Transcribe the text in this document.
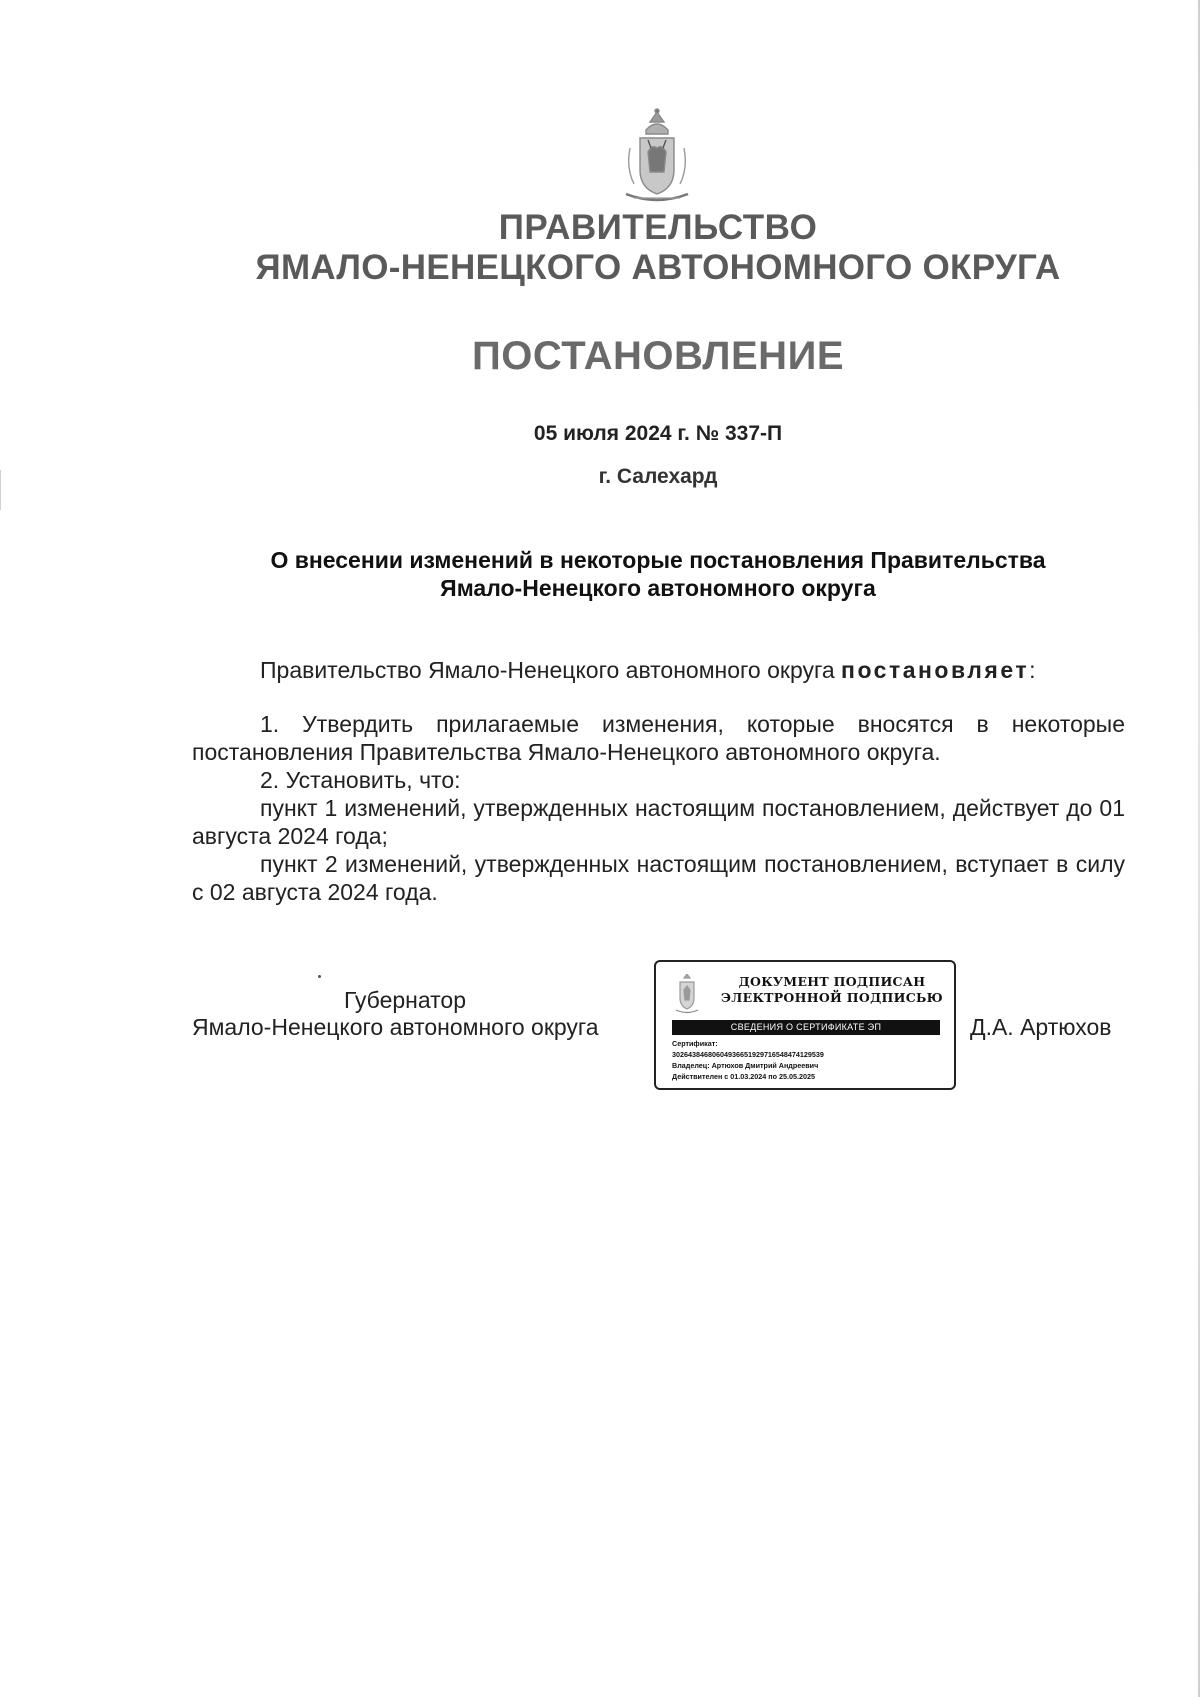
ПРАВИТЕЛЬСТВО
ЯМАЛО-НЕНЕЦКОГО АВТОНОМНОГО ОКРУГА
ПОСТАНОВЛЕНИЕ
05 июля 2024 г. № 337-П
г. Салехард
О внесении изменений в некоторые постановления Правительства
Ямало-Ненецкого автономного округа
Правительство Ямало-Ненецкого автономного округа постановляет:
1. Утвердить прилагаемые изменения, которые вносятся в некоторые постановления Правительства Ямало-Ненецкого автономного округа.
2. Установить, что:
пункт 1 изменений, утвержденных настоящим постановлением, действует до 01 августа 2024 года;
пункт 2 изменений, утвержденных настоящим постановлением, вступает в силу с 02 августа 2024 года.
Губернатор
Ямало-Ненецкого автономного округа	Д.А. Артюхов
ДОКУМЕНТ ПОДПИСАН
ЭЛЕКТРОННОЙ ПОДПИСЬЮ
СВЕДЕНИЯ О СЕРТИФИКАТЕ ЭП
Сертификат:
302643846806049366519297165484741295​39
Владелец: Артюхов Дмитрий Андреевич
Действителен с 01.03.2024 по 25.05.2025
